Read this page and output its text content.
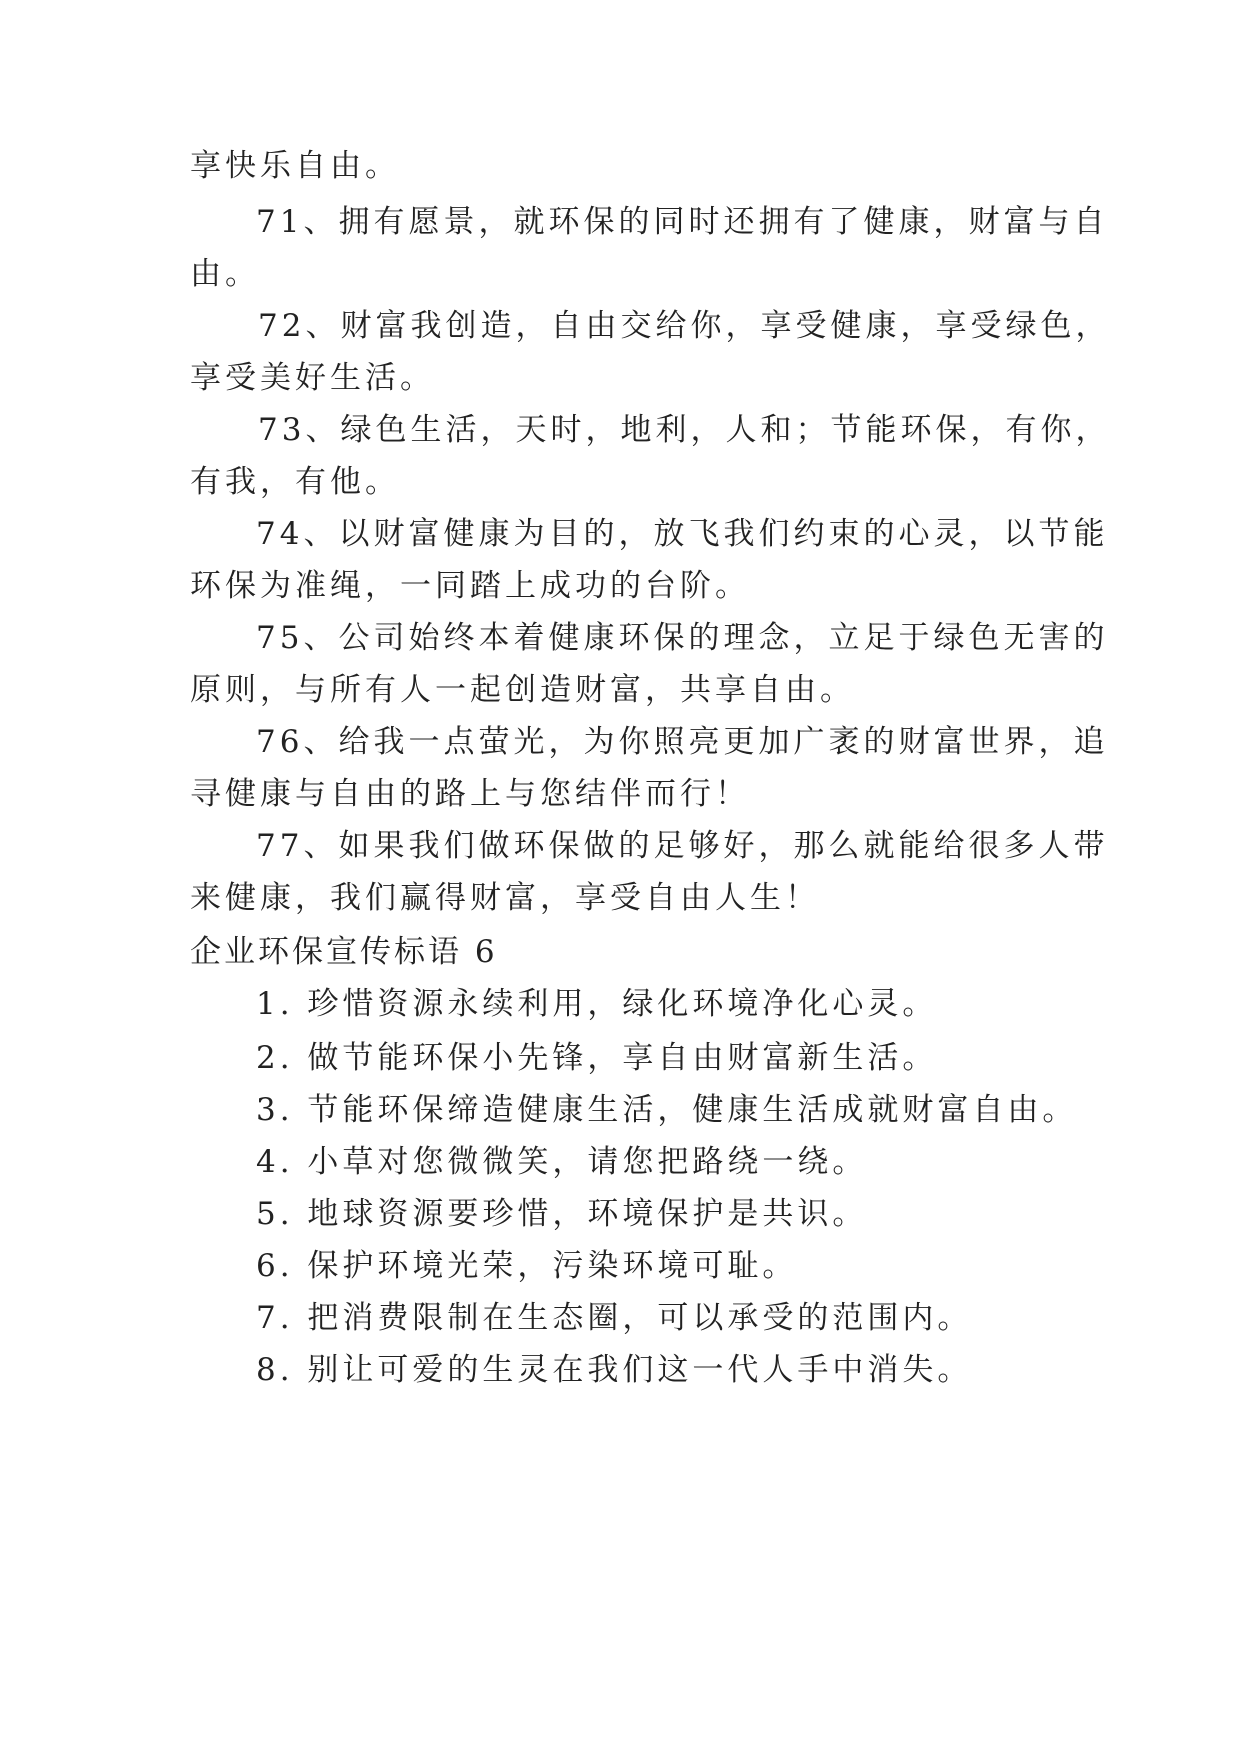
享快乐自由。
71、拥有愿景，就环保的同时还拥有了健康，财富与自
由。
72、财富我创造，自由交给你，享受健康，享受绿色，
享受美好生活。
73、绿色生活，天时，地利，人和；节能环保，有你，
有我，有他。
74、以财富健康为目的，放飞我们约束的心灵，以节能
环保为准绳，一同踏上成功的台阶。
75、公司始终本着健康环保的理念，立足于绿色无害的
原则，与所有人一起创造财富，共享自由。
76、给我一点萤光，为你照亮更加广袤的财富世界，追
寻健康与自由的路上与您结伴而行！
77、如果我们做环保做的足够好，那么就能给很多人带
来健康，我们赢得财富，享受自由人生！
企业环保宣传标语 6
1. 珍惜资源永续利用，绿化环境净化心灵。
2. 做节能环保小先锋，享自由财富新生活。
3. 节能环保缔造健康生活，健康生活成就财富自由。
4. 小草对您微微笑，请您把路绕一绕。
5. 地球资源要珍惜，环境保护是共识。
6. 保护环境光荣，污染环境可耻。
7. 把消费限制在生态圈，可以承受的范围内。
8. 别让可爱的生灵在我们这一代人手中消失。
